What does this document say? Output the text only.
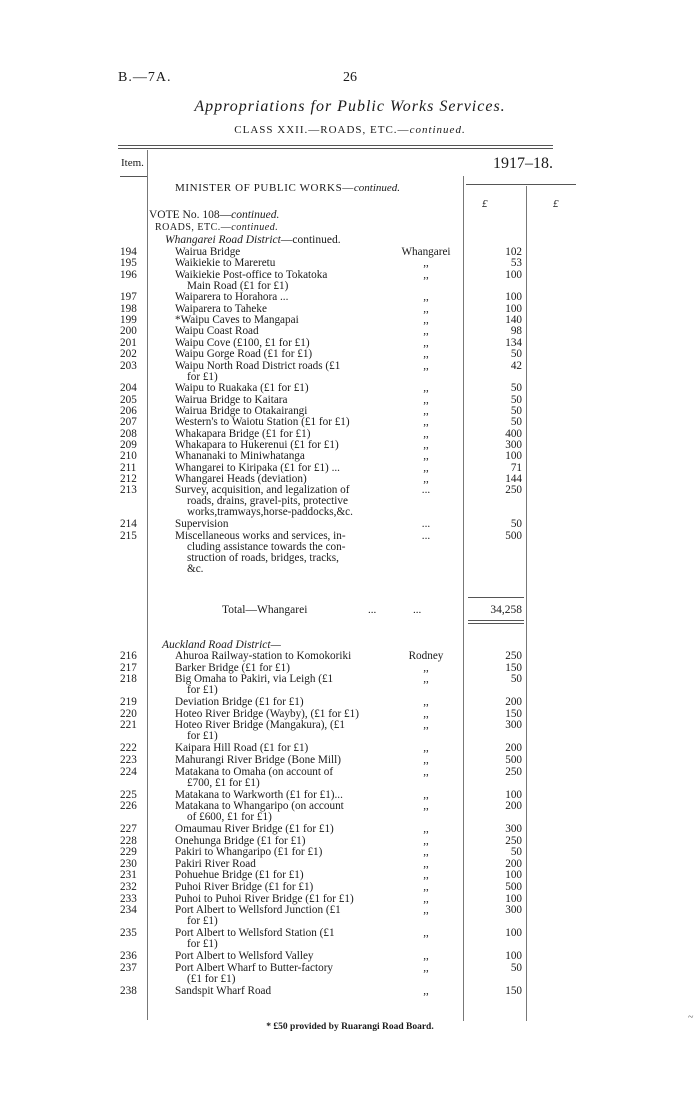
B.—7A.	26
Appropriations for Public Works Services.
CLASS XXII.—ROADS, ETC.—continued.
Item.	1917–18.
MINISTER OF PUBLIC WORKS—continued.
£	£
VOTE No. 108—continued.
ROADS, ETC.—continued.
Whangarei Road District—continued.
194	Wairua Bridge	Whangarei	102
195	Waikiekie to Mareretu	,,	53
196	Waikiekie Post-office to Tokatoka
Main Road (£1 for £1)
,,	100
197	Waiparera to Horahora ...	,,	100
198	Waiparera to Taheke	,,	100
199	*Waipu Caves to Mangapai	,,	140
200	Waipu Coast Road	,,	98
201	Waipu Cove (£100, £1 for £1)	,,	134
202	Waipu Gorge Road (£1 for £1)	,,	50
203	Waipu North Road District roads (£1
for £1)
,,	42
204	Waipu to Ruakaka (£1 for £1)	,,	50
205	Wairua Bridge to Kaitara	,,	50
206	Wairua Bridge to Otakairangi	,,	50
207	Western's to Waiotu Station (£1 for £1)	,,	50
208	Whakapara Bridge (£1 for £1)	,,	400
209	Whakapara to Hukerenui (£1 for £1)	,,	300
210	Whananaki to Miniwhatanga	,,	100
211	Whangarei to Kiripaka (£1 for £1) ...	,,	71
212	Whangarei Heads (deviation)	,,	144
213	Survey, acquisition, and legalization of
roads, drains, gravel-pits, protective
works,tramways,horse-paddocks,&c.
...	250
214	Supervision	...	50
215	Miscellaneous works and services, in-
cluding assistance towards the con-
struction of roads, bridges, tracks,
&c.
...	500
Total—Whangarei	...	...	34,258
Auckland Road District—
216	Ahuroa Railway-station to Komokoriki	Rodney	250
217	Barker Bridge (£1 for £1)	,,	150
218	Big Omaha to Pakiri, via Leigh (£1
for £1)
,,	50
219	Deviation Bridge (£1 for £1)	,,	200
220	Hoteo River Bridge (Wayby), (£1 for £1)	,,	150
221	Hoteo River Bridge (Mangakura), (£1
for £1)
,,	300
222	Kaipara Hill Road (£1 for £1)	,,	200
223	Mahurangi River Bridge (Bone Mill)	,,	500
224	Matakana to Omaha (on account of
£700, £1 for £1)
,,	250
225	Matakana to Warkworth (£1 for £1)...	,,	100
226	Matakana to Whangaripo (on account
of £600, £1 for £1)
,,	200
227	Omaumau River Bridge (£1 for £1)	,,	300
228	Onehunga Bridge (£1 for £1)	,,	250
229	Pakiri to Whangaripo (£1 for £1)	,,	50
230	Pakiri River Road	,,	200
231	Pohuehue Bridge (£1 for £1)	,,	100
232	Puhoi River Bridge (£1 for £1)	,,	500
233	Puhoi to Puhoi River Bridge (£1 for £1)	,,	100
234	Port Albert to Wellsford Junction (£1
for £1)
,,	300
235	Port Albert to Wellsford Station (£1
for £1)
,,	100
236	Port Albert to Wellsford Valley	,,	100
237	Port Albert Wharf to Butter-factory
(£1 for £1)
,,	50
238	Sandspit Wharf Road	,,	150
* £50 provided by Ruarangi Road Board.
~
